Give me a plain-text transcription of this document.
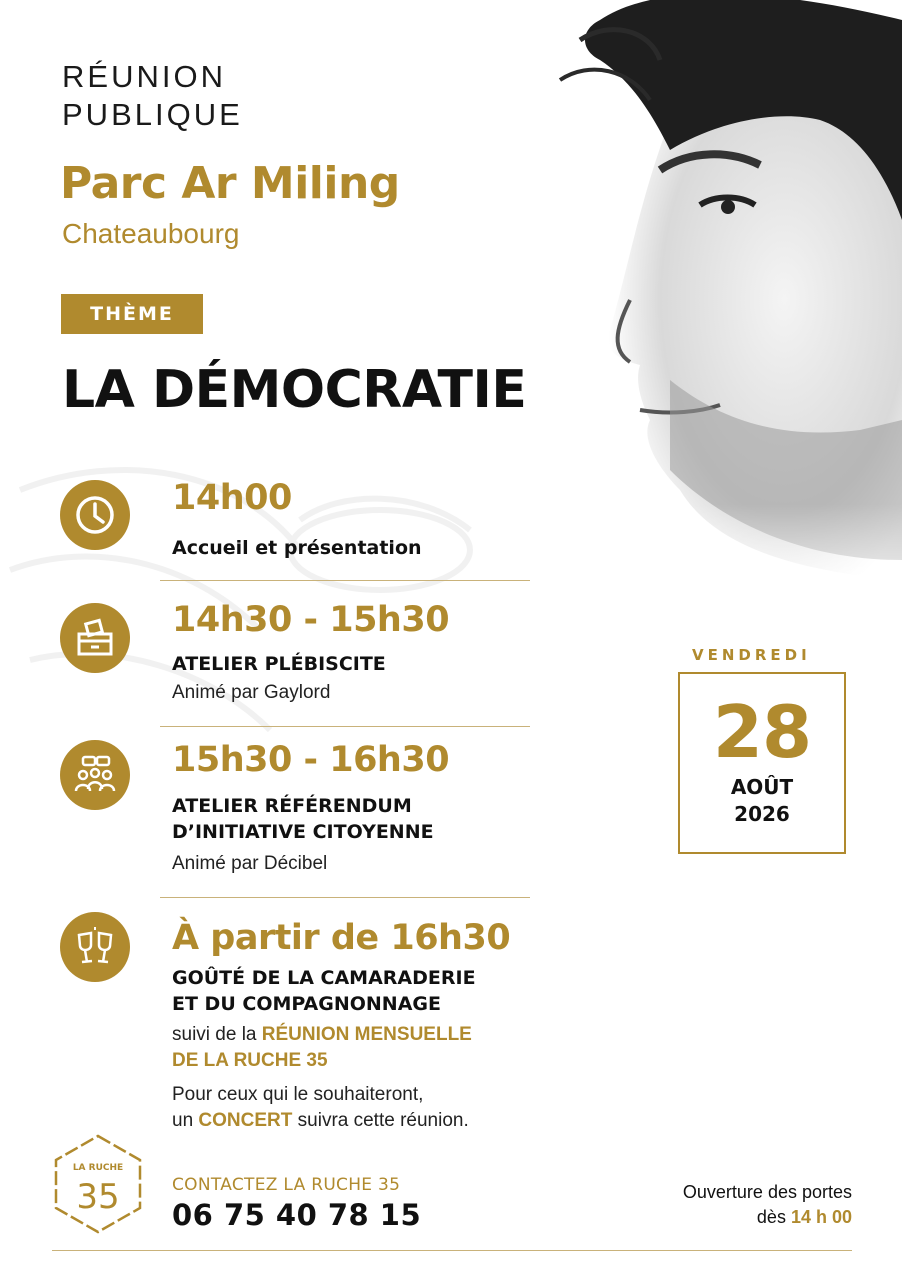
RÉUNION
PUBLIQUE
Parc Ar Miling
Chateaubourg
THÈME
LA DÉMOCRATIE
14h00
Accueil et présentation
14h30 - 15h30
ATELIER PLÉBISCITE
Animé par Gaylord
15h30 - 16h30
ATELIER RÉFÉRENDUM
D’INITIATIVE CITOYENNE
Animé par Décibel
À partir de 16h30
GOÛTÉ DE LA CAMARADERIE
ET DU COMPAGNONNAGE
suivi de la RÉUNION MENSUELLE
DE LA RUCHE 35
Pour ceux qui le souhaiteront,
un CONCERT suivra cette réunion.
VENDREDI
28
AOÛT
2026
LA RUCHE
35	CONTACTEZ LA RUCHE 35
06 75 40 78 15
Ouverture des portes
dès 14 h 00
